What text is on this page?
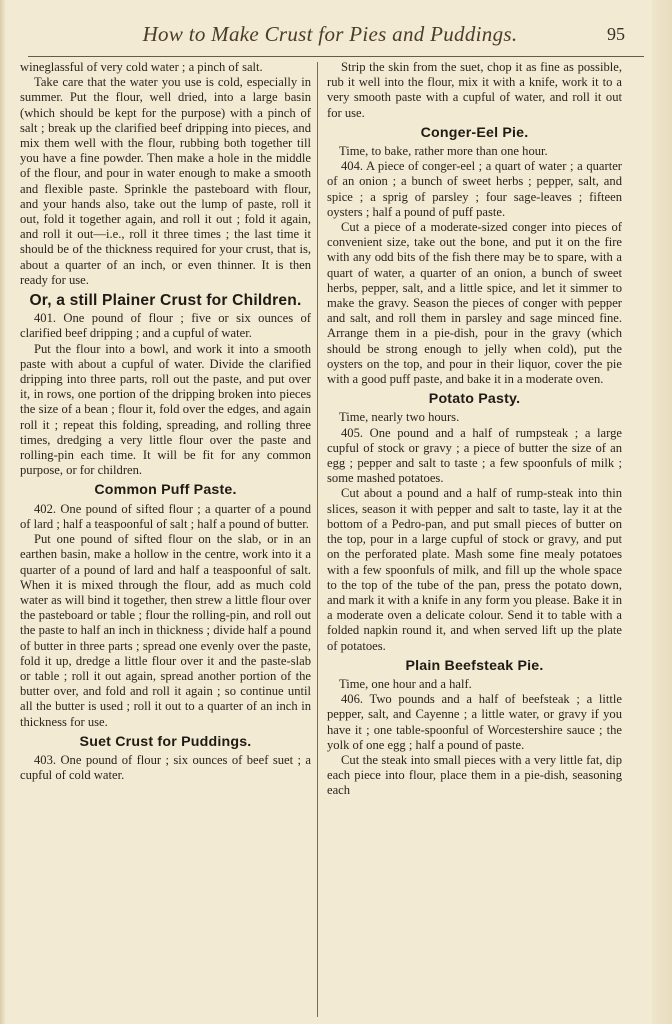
How to Make Crust for Pies and Puddings.	95

wineglassful of very cold water ; a pinch of salt.

Take care that the water you use is cold, especially in summer. Put the flour, well dried, into a large basin (which should be kept for the purpose) with a pinch of salt ; break up the clarified beef dripping into pieces, and mix them well with the flour, rubbing both together till you have a fine powder. Then make a hole in the middle of the flour, and pour in water enough to make a smooth and flexible paste. Sprinkle the pasteboard with flour, and your hands also, take out the lump of paste, roll it out, fold it together again, and roll it out ; fold it again, and roll it out—i.e., roll it three times ; the last time it should be of the thickness required for your crust, that is, about a quarter of an inch, or even thinner. It is then ready for use.

Or, a still Plainer Crust for Children.

401. One pound of flour ; five or six ounces of clarified beef dripping ; and a cupful of water.

Put the flour into a bowl, and work it into a smooth paste with about a cupful of water. Divide the clarified dripping into three parts, roll out the paste, and put over it, in rows, one portion of the dripping broken into pieces the size of a bean ; flour it, fold over the edges, and again roll it ; repeat this folding, spreading, and rolling three times, dredging a very little flour over the paste and rolling-pin each time. It will be fit for any common purpose, or for children.

Common Puff Paste.

402. One pound of sifted flour ; a quarter of a pound of lard ; half a teaspoonful of salt ; half a pound of butter.

Put one pound of sifted flour on the slab, or in an earthen basin, make a hollow in the centre, work into it a quarter of a pound of lard and half a teaspoonful of salt. When it is mixed through the flour, add as much cold water as will bind it together, then strew a little flour over the pasteboard or table ; flour the rolling-pin, and roll out the paste to half an inch in thickness ; divide half a pound of butter in three parts ; spread one evenly over the paste, fold it up, dredge a little flour over it and the paste-slab or table ; roll it out again, spread another portion of the butter over, and fold and roll it again ; so continue until all the butter is used ; roll it out to a quarter of an inch in thickness for use.

Suet Crust for Puddings.

403. One pound of flour ; six ounces of beef suet ; a cupful of cold water.

Strip the skin from the suet, chop it as fine as possible, rub it well into the flour, mix it with a knife, work it to a very smooth paste with a cupful of water, and roll it out for use.

Conger-Eel Pie.

Time, to bake, rather more than one hour.

404. A piece of conger-eel ; a quart of water ; a quarter of an onion ; a bunch of sweet herbs ; pepper, salt, and spice ; a sprig of parsley ; four sage-leaves ; fifteen oysters ; half a pound of puff paste.

Cut a piece of a moderate-sized conger into pieces of convenient size, take out the bone, and put it on the fire with any odd bits of the fish there may be to spare, with a quart of water, a quarter of an onion, a bunch of sweet herbs, pepper, salt, and a little spice, and let it simmer to make the gravy. Season the pieces of conger with pepper and salt, and roll them in parsley and sage minced fine. Arrange them in a pie-dish, pour in the gravy (which should be strong enough to jelly when cold), put the oysters on the top, and pour in their liquor, cover the pie with a good puff paste, and bake it in a moderate oven.

Potato Pasty.

Time, nearly two hours.

405. One pound and a half of rumpsteak ; a large cupful of stock or gravy ; a piece of butter the size of an egg ; pepper and salt to taste ; a few spoonfuls of milk ; some mashed potatoes.

Cut about a pound and a half of rump-steak into thin slices, season it with pepper and salt to taste, lay it at the bottom of a Pedro-pan, and put small pieces of butter on the top, pour in a large cupful of stock or gravy, and put on the perforated plate. Mash some fine mealy potatoes with a few spoonfuls of milk, and fill up the whole space to the top of the tube of the pan, press the potato down, and mark it with a knife in any form you please. Bake it in a moderate oven a delicate colour. Send it to table with a folded napkin round it, and when served lift up the plate of potatoes.

Plain Beefsteak Pie.

Time, one hour and a half.

406. Two pounds and a half of beefsteak ; a little pepper, salt, and Cayenne ; a little water, or gravy if you have it ; one table-spoonful of Worcestershire sauce ; the yolk of one egg ; half a pound of paste.

Cut the steak into small pieces with a very little fat, dip each piece into flour, place them in a pie-dish, seasoning each
